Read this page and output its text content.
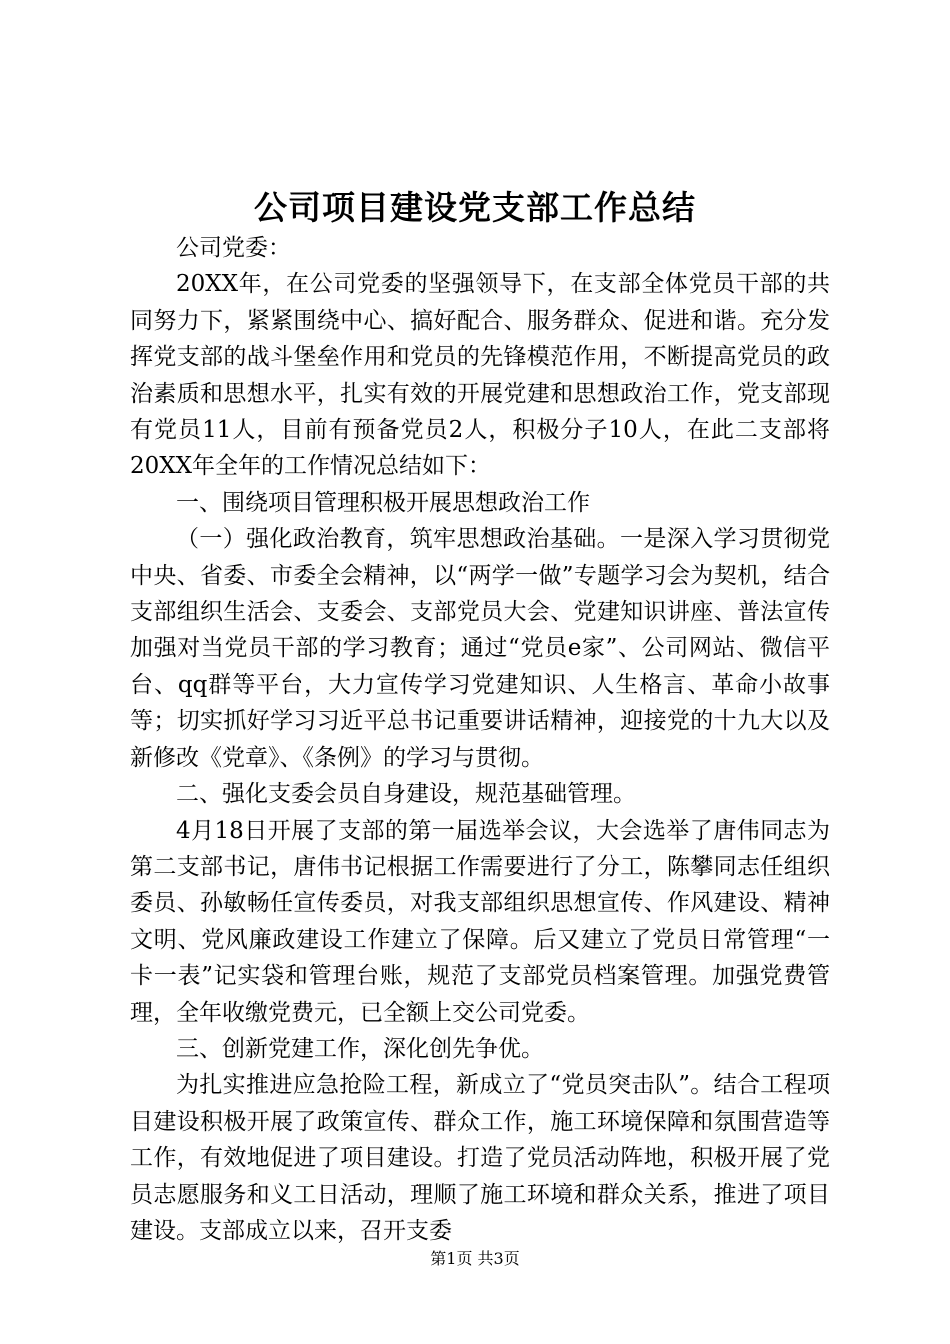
公司项目建设党支部工作总结

公司党委：

20XX年，在公司党委的坚强领导下，在支部全体党员干部的共同努力下，紧紧围绕中心、搞好配合、服务群众、促进和谐。充分发挥党支部的战斗堡垒作用和党员的先锋模范作用，不断提高党员的政治素质和思想水平，扎实有效的开展党建和思想政治工作，党支部现有党员11人，目前有预备党员2人，积极分子10人，在此二支部将20XX年全年的工作情况总结如下：

一、围绕项目管理积极开展思想政治工作

（一）强化政治教育，筑牢思想政治基础。一是深入学习贯彻党中央、省委、市委全会精神，以“两学一做”专题学习会为契机，结合支部组织生活会、支委会、支部党员大会、党建知识讲座、普法宣传加强对当党员干部的学习教育；通过“党员e家”、公司网站、微信平台、qq群等平台，大力宣传学习党建知识、人生格言、革命小故事等；切实抓好学习习近平总书记重要讲话精神，迎接党的十九大以及新修改《党章》、《条例》的学习与贯彻。

二、强化支委会员自身建设，规范基础管理。

4月18日开展了支部的第一届选举会议，大会选举了唐伟同志为第二支部书记，唐伟书记根据工作需要进行了分工，陈攀同志任组织委员、孙敏畅任宣传委员，对我支部组织思想宣传、作风建设、精神文明、党风廉政建设工作建立了保障。后又建立了党员日常管理“一卡一表”记实袋和管理台账，规范了支部党员档案管理。加强党费管理，全年收缴党费元，已全额上交公司党委。

三、创新党建工作，深化创先争优。

为扎实推进应急抢险工程，新成立了“党员突击队”。结合工程项目建设积极开展了政策宣传、群众工作，施工环境保障和氛围营造等工作，有效地促进了项目建设。打造了党员活动阵地，积极开展了党员志愿服务和义工日活动，理顺了施工环境和群众关系，推进了项目建设。支部成立以来，召开支委

第1页 共3页
